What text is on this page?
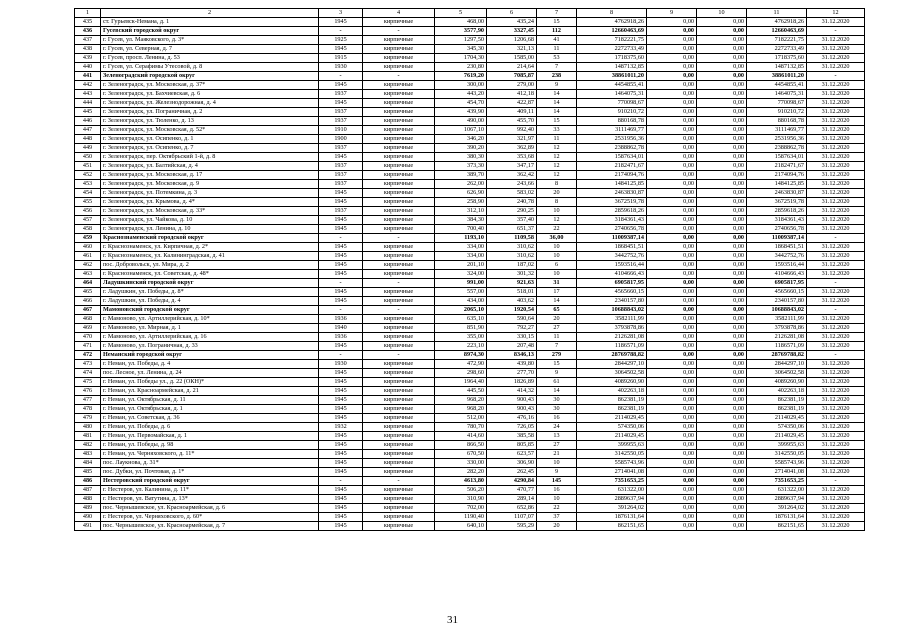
1	2	3	4	5	6	7	8	9	10	11	12
435	ст. Гурьевск-Немана, д. 1	1945	кирпичные	468,00	435,24	15	4762918,26	0,00	0,00	4762918,26	31.12.2020
436	Гусевский городской округ	-	-	3577,90	3327,45	112	12660463,69	0,00	0,00	12660463,69	-
437	г. Гусев, ул. Маяковского, д. 3*	1925	кирпичные	1297,50	1206,68	41	7182221,75	0,00	0,00	7182221,75	31.12.2020
438	г. Гусев, ул. Северная, д. 7	1945	кирпичные	345,30	321,13	11	2272733,49	0,00	0,00	2272733,49	31.12.2020
439	г. Гусев, просп. Ленина, д. 53	1915	кирпичные	1704,30	1585,00	53	1718375,60	0,00	0,00	1718375,60	31.12.2020
440	г. Гусев, ул. Серафимы Утесовой, д. 8	1930	кирпичные	230,80	214,64	7	1487132,85	0,00	0,00	1487132,85	31.12.2020
441	Зеленоградский городской округ	-	-	7619,20	7085,87	238	38861011,20	0,00	0,00	38861011,20	-
442	г. Зеленоградск, ул. Московская, д. 37*	1945	кирпичные	300,00	279,00	9	4454855,41	0,00	0,00	4454855,41	31.12.2020
443	г. Зеленоградск, ул. Бахчиевская, д. 6	1937	кирпичные	443,20	412,18	14	1464075,31	0,00	0,00	1464075,31	31.12.2020
444	г. Зеленоградск, ул. Железнодорожная, д. 4	1945	кирпичные	454,70	422,87	14	770098,67	0,00	0,00	770098,67	31.12.2020
445	г. Зеленоградск, ул. Пограничная, д. 2	1937	кирпичные	439,90	409,11	14	910210,72	0,00	0,00	910210,72	31.12.2020
446	г. Зеленоградск, ул. Тюленко, д. 13	1937	кирпичные	490,00	455,70	15	880168,78	0,00	0,00	880168,78	31.12.2020
447	г. Зеленоградск, ул. Московская, д. 52*	1910	кирпичные	1067,10	992,40	33	3111469,77	0,00	0,00	3111469,77	31.12.2020
448	г. Зеленоградск, ул. Осипенко, д. 1	1900	кирпичные	346,20	321,97	11	2531956,36	0,00	0,00	2531956,36	31.12.2020
449	г. Зеленоградск, ул. Осипенко, д. 7	1937	кирпичные	390,20	362,89	12	2388862,78	0,00	0,00	2388862,78	31.12.2020
450	г. Зеленоградск, пер. Октябрьский 1-й, д. 8	1945	кирпичные	380,30	353,68	12	1587634,01	0,00	0,00	1587634,01	31.12.2020
451	г. Зеленоградск, ул. Балтийская, д. 4	1937	кирпичные	373,30	347,17	12	2182471,67	0,00	0,00	2182471,67	31.12.2020
452	г. Зеленоградск, ул. Московская, д. 17	1937	кирпичные	389,70	362,42	12	2174094,76	0,00	0,00	2174094,76	31.12.2020
453	г. Зеленоградск, ул. Московская, д. 9	1937	кирпичные	262,00	243,66	8	1484125,85	0,00	0,00	1484125,85	31.12.2020
454	г. Зеленоградск, ул. Потемкина, д. 3	1945	кирпичные	626,90	583,02	20	2463830,87	0,00	0,00	2463830,87	31.12.2020
455	г. Зеленоградск, ул. Крымова, д. 4*	1945	кирпичные	258,90	240,78	8	3672519,78	0,00	0,00	3672519,78	31.12.2020
456	г. Зеленоградск, ул. Московская, д. 33*	1937	кирпичные	312,10	290,25	10	2859618,26	0,00	0,00	2859618,26	31.12.2020
457	г. Зеленоградск, ул. Чайкова, д. 10	1945	кирпичные	384,30	357,40	12	3184361,43	0,00	0,00	3184361,43	31.12.2020
458	г. Зеленоградск, ул. Ленина, д. 10	1945	кирпичные	700,40	651,37	22	2740656,78	0,00	0,00	2740656,78	31.12.2020
459	Краснознаменский городской округ	-	-	1193,10	1109,58	36,00	11009387,14	0,00	0,00	11009387,14	-
460	г. Краснознаменск, ул. Кирпичная, д. 2*	1945	кирпичные	334,00	310,62	10	1868451,51	0,00	0,00	1868451,51	31.12.2020
461	г. Краснознаменск, ул. Калининградская, д. 41	1945	кирпичные	334,00	310,62	10	3442752,76	0,00	0,00	3442752,76	31.12.2020
462	пос. Добровольск, ул. Мира, д. 2	1945	кирпичные	201,10	187,02	6	1593516,44	0,00	0,00	1593516,44	31.12.2020
463	г. Краснознаменск, ул. Советская, д. 48*	1945	кирпичные	324,00	301,32	10	4104666,43	0,00	0,00	4104666,43	31.12.2020
464	Ладушкинский городской округ	-	-	991,00	921,63	31	6905817,95	0,00	0,00	6905817,95	-
465	г. Ладушкин, ул. Победы, д. 8*	1945	кирпичные	557,00	518,01	17	4565660,15	0,00	0,00	4565660,15	31.12.2020
466	г. Ладушкин, ул. Победы, д. 4	1945	кирпичные	434,00	403,62	14	2340157,80	0,00	0,00	2340157,80	31.12.2020
467	Мамоновский городской округ	-	-	2065,10	1920,54	65	10688843,02	0,00	0,00	10688843,02	-
468	г. Мамоново, ул. Артиллерийская, д. 10*	1936	кирпичные	635,10	590,64	20	3582111,99	0,00	0,00	3582111,99	31.12.2020
469	г. Мамоново, ул. Мирная, д. 1	1940	кирпичные	851,90	792,27	27	3793878,86	0,00	0,00	3793878,86	31.12.2020
470	г. Мамоново, ул. Артиллерийская, д. 16	1936	кирпичные	355,00	330,15	11	2126281,08	0,00	0,00	2126281,08	31.12.2020
471	г. Мамоново, ул. Пограничная, д. 33	1945	кирпичные	223,10	207,48	7	1186571,09	0,00	0,00	1186571,09	31.12.2020
472	Неманский городской округ	-	-	8974,30	8346,13	279	28769788,82	0,00	0,00	28769788,82	-
473	г. Неман, ул. Победы, д. 4	1930	кирпичные	472,90	439,80	15	2844297,10	0,00	0,00	2844297,10	31.12.2020
474	пос. Лесное, ул. Ленина, д. 24	1945	кирпичные	298,60	277,70	9	3064502,58	0,00	0,00	3064502,58	31.12.2020
475	г. Неман, ул. Победы ул., д. 22 (ОКН)*	1945	кирпичные	1964,40	1826,89	61	4089260,90	0,00	0,00	4089260,90	31.12.2020
476	г. Неман, ул. Красноармейская, д. 21	1945	кирпичные	445,50	414,32	14	402263,18	0,00	0,00	402263,18	31.12.2020
477	г. Неман, ул. Октябрьская, д. 11	1945	кирпичные	968,20	900,43	30	862381,19	0,00	0,00	862381,19	31.12.2020
478	г. Неман, ул. Октябрьская, д. 1	1945	кирпичные	968,20	900,43	30	862381,19	0,00	0,00	862381,19	31.12.2020
479	г. Неман, ул. Советская, д. 36	1945	кирпичные	512,00	476,16	16	2114029,45	0,00	0,00	2114029,45	31.12.2020
480	г. Неман, ул. Победы, д. 6	1932	кирпичные	780,70	726,05	24	574350,06	0,00	0,00	574350,06	31.12.2020
481	г. Неман, ул. Первомайская, д. 1	1945	кирпичные	414,60	385,58	13	2114029,45	0,00	0,00	2114029,45	31.12.2020
482	г. Неман, ул. Победы, д. 98	1945	кирпичные	866,50	805,85	27	399955,63	0,00	0,00	399955,63	31.12.2020
483	г. Неман, ул. Черняховского, д. 11*	1945	кирпичные	670,50	623,57	21	3142550,05	0,00	0,00	3142550,05	31.12.2020
484	пос. Лаукнова, д. 31*	1945	кирпичные	330,00	306,90	10	5585743,96	0,00	0,00	5585743,96	31.12.2020
485	пос. Дубки, ул. Почтовая, д. 1*	1945	кирпичные	282,20	262,45	9	2714041,08	0,00	0,00	2714041,08	31.12.2020
486	Нестеровский городской округ	-	-	4613,80	4290,84	145	7351653,25	0,00	0,00	7351653,25	-
487	г. Нестеров, ул. Калинина, д. 11*	1945	кирпичные	506,20	470,77	16	631322,00	0,00	0,00	631322,00	31.12.2020
488	г. Нестеров, ул. Ватутина, д. 13*	1945	кирпичные	310,90	289,14	10	2889637,94	0,00	0,00	2889637,94	31.12.2020
489	пос. Чернышевское, ул. Красноармейская, д. 6	1945	кирпичные	702,00	652,86	22	391264,02	0,00	0,00	391264,02	31.12.2020
490	г. Нестеров, ул. Черняховского, д. 60*	1945	кирпичные	1190,40	1107,07	37	1876131,64	0,00	0,00	1876131,64	31.12.2020
491	пос. Чернышевское, ул. Красноармейская, д. 7	1945	кирпичные	640,10	595,29	20	862151,65	0,00	0,00	862151,65	31.12.2020
31
